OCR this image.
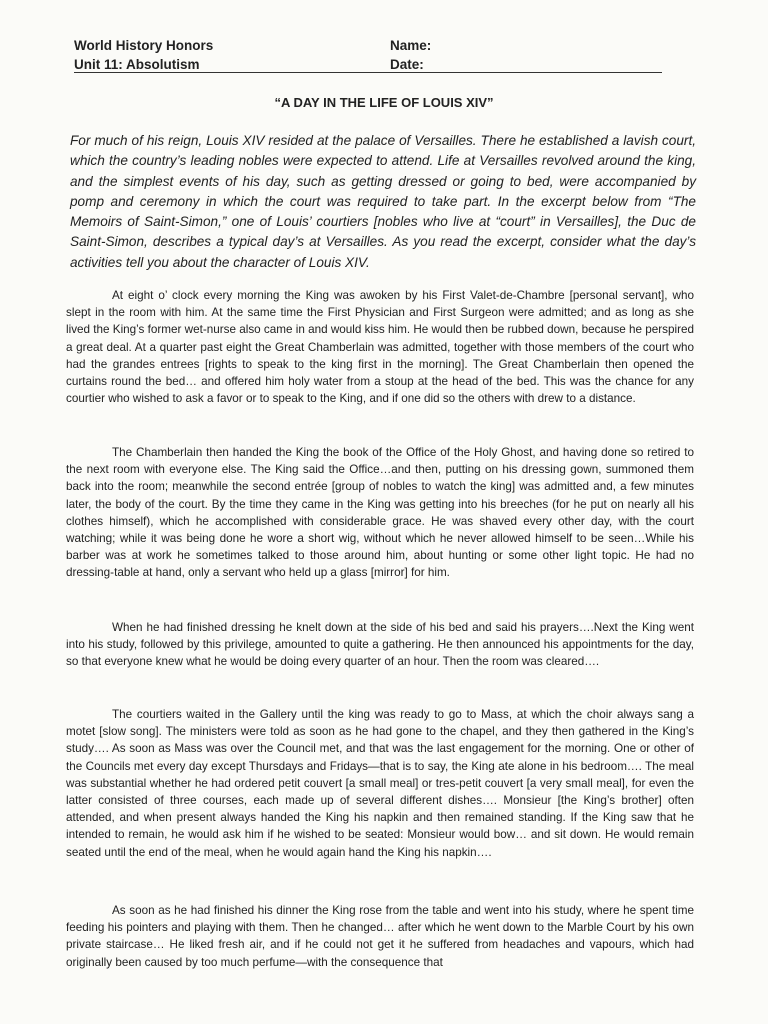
World History Honors
Unit 11: Absolutism
Name:
Date:
“A DAY IN THE LIFE OF LOUIS XIV”
For much of his reign, Louis XIV resided at the palace of Versailles. There he established a lavish court, which the country’s leading nobles were expected to attend. Life at Versailles revolved around the king, and the simplest events of his day, such as getting dressed or going to bed, were accompanied by pomp and ceremony in which the court was required to take part. In the excerpt below from “The Memoirs of Saint-Simon,” one of Louis’ courtiers [nobles who live at “court” in Versailles], the Duc de Saint-Simon, describes a typical day’s at Versailles. As you read the excerpt, consider what the day’s activities tell you about the character of Louis XIV.
At eight o’ clock every morning the King was awoken by his First Valet-de-Chambre [personal servant], who slept in the room with him. At the same time the First Physician and First Surgeon were admitted; and as long as she lived the King’s former wet-nurse also came in and would kiss him. He would then be rubbed down, because he perspired a great deal. At a quarter past eight the Great Chamberlain was admitted, together with those members of the court who had the grandes entrees [rights to speak to the king first in the morning]. The Great Chamberlain then opened the curtains round the bed… and offered him holy water from a stoup at the head of the bed. This was the chance for any courtier who wished to ask a favor or to speak to the King, and if one did so the others with drew to a distance.
The Chamberlain then handed the King the book of the Office of the Holy Ghost, and having done so retired to the next room with everyone else. The King said the Office…and then, putting on his dressing gown, summoned them back into the room; meanwhile the second entrée [group of nobles to watch the king] was admitted and, a few minutes later, the body of the court. By the time they came in the King was getting into his breeches (for he put on nearly all his clothes himself), which he accomplished with considerable grace. He was shaved every other day, with the court watching; while it was being done he wore a short wig, without which he never allowed himself to be seen…While his barber was at work he sometimes talked to those around him, about hunting or some other light topic. He had no dressing-table at hand, only a servant who held up a glass [mirror] for him.
When he had finished dressing he knelt down at the side of his bed and said his prayers….Next the King went into his study, followed by this privilege, amounted to quite a gathering. He then announced his appointments for the day, so that everyone knew what he would be doing every quarter of an hour. Then the room was cleared….
The courtiers waited in the Gallery until the king was ready to go to Mass, at which the choir always sang a motet [slow song]. The ministers were told as soon as he had gone to the chapel, and they then gathered in the King’s study…. As soon as Mass was over the Council met, and that was the last engagement for the morning. One or other of the Councils met every day except Thursdays and Fridays—that is to say, the King ate alone in his bedroom…. The meal was substantial whether he had ordered petit couvert [a small meal] or tres-petit couvert [a very small meal], for even the latter consisted of three courses, each made up of several different dishes…. Monsieur [the King’s brother] often attended, and when present always handed the King his napkin and then remained standing. If the King saw that he intended to remain, he would ask him if he wished to be seated: Monsieur would bow… and sit down. He would remain seated until the end of the meal, when he would again hand the King his napkin….
As soon as he had finished his dinner the King rose from the table and went into his study, where he spent time feeding his pointers and playing with them. Then he changed… after which he went down to the Marble Court by his own private staircase… He liked fresh air, and if he could not get it he suffered from headaches and vapours, which had originally been caused by too much perfume—with the consequence that
